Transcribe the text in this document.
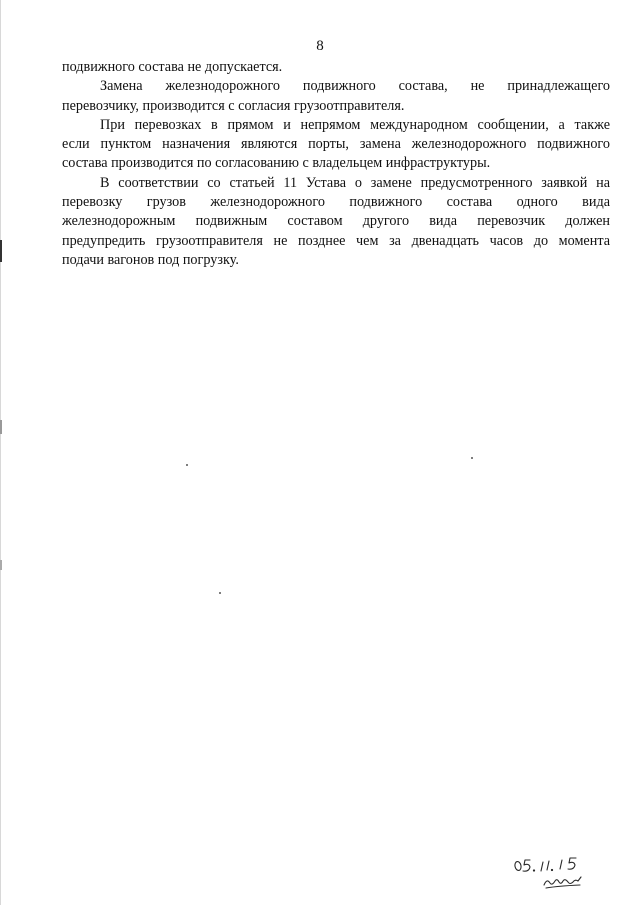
8
подвижного состава не допускается.
Замена железнодорожного подвижного состава, не принадлежащего
перевозчику, производится с согласия грузоотправителя.
При перевозках в прямом и непрямом международном сообщении, а также
если пунктом назначения являются порты, замена железнодорожного подвижного
состава производится по согласованию с владельцем инфраструктуры.
В соответствии со статьей 11 Устава о замене предусмотренного заявкой на
перевозку грузов железнодорожного подвижного состава одного вида
железнодорожным подвижным составом другого вида перевозчик должен
предупредить грузоотправителя не позднее чем за двенадцать часов до момента
подачи вагонов под погрузку.
